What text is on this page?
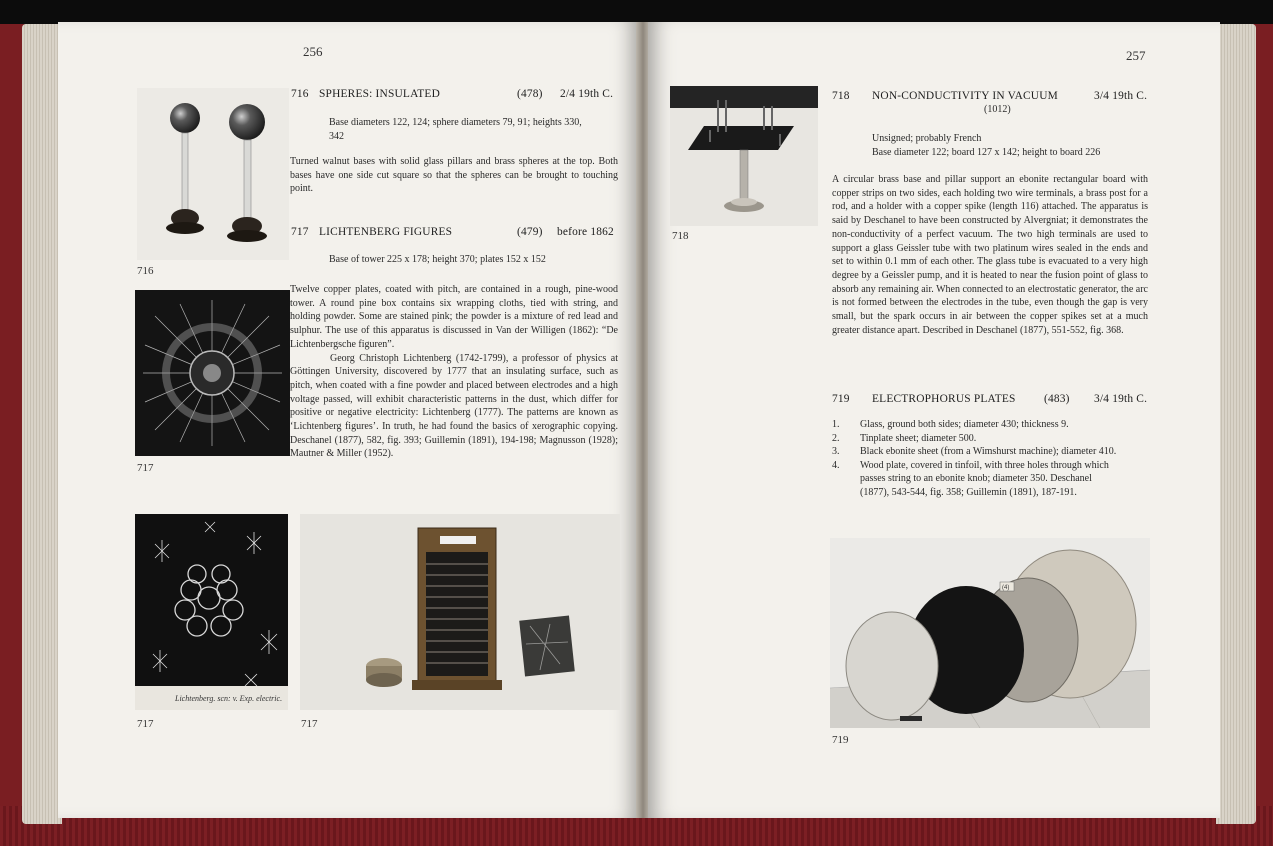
256
716
717
Lichtenberg. scn: v. Exp. electric.
717	717
716 SPHERES: INSULATED	(478) 2/4 19th C.
Base diameters 122, 124; sphere diameters 79, 91; heights 330, 342
Turned walnut bases with solid glass pillars and brass spheres at the top. Both bases have one side cut square so that the spheres can be brought to touching point.
717 LICHTENBERG FIGURES	(479) before 1862
Base of tower 225 x 178; height 370; plates 152 x 152

Twelve copper plates, coated with pitch, are contained in a rough, pine-wood tower. A round pine box contains six wrapping cloths, tied with string, and holding powder. Some are stained pink; the powder is a mixture of red lead and sulphur. The use of this apparatus is discussed in Van der Willigen (1862): “De Lichtenbergsche figuren”.

Georg Christoph Lichtenberg (1742-1799), a professor of physics at Göttingen University, discovered by 1777 that an insulating surface, such as pitch, when coated with a fine powder and placed between electrodes and a high voltage passed, will exhibit characteristic patterns in the dust, which differ for positive or negative electricity: Lichtenberg (1777). The patterns are known as ‘Lichtenberg figures’. In truth, he had found the basics of xerographic copying. Deschanel (1877), 582, fig. 393; Guillemin (1891), 194-198; Magnusson (1928); Mautner & Miller (1952).

257
718
718 NON-CONDUCTIVITY IN VACUUM	3/4 19th C.
(1012)
Unsigned; probably French
Base diameter 122; board 127 x 142; height to board 226
A circular brass base and pillar support an ebonite rectangular board with copper strips on two sides, each holding two wire terminals, a brass post for a rod, and a holder with a copper spike (length 116) attached. The apparatus is said by Deschanel to have been constructed by Alvergniat; it demonstrates the non-conductivity of a perfect vacuum. The two high terminals are used to support a glass Geissler tube with two platinum wires sealed in the ends and set to within 0.1 mm of each other. The glass tube is evacuated to a very high degree by a Geissler pump, and it is heated to near the fusion point of glass to absorb any remaining air. When connected to an electrostatic generator, the arc is not formed between the electrodes in the tube, even though the gap is very small, but the spark occurs in air between the copper spikes set at a much greater distance apart. Described in Deschanel (1877), 551-552, fig. 368.
719 ELECTROPHORUS PLATES (483) 3/4 19th C.
1. Glass, ground both sides; diameter 430; thickness 9.
2. Tinplate sheet; diameter 500.
3. Black ebonite sheet (from a Wimshurst machine); diameter 410.
4. Wood plate, covered in tinfoil, with three holes through which passes string to an ebonite knob; diameter 350. Deschanel (1877), 543-544, fig. 358; Guillemin (1891), 187-191.
(4)
719
